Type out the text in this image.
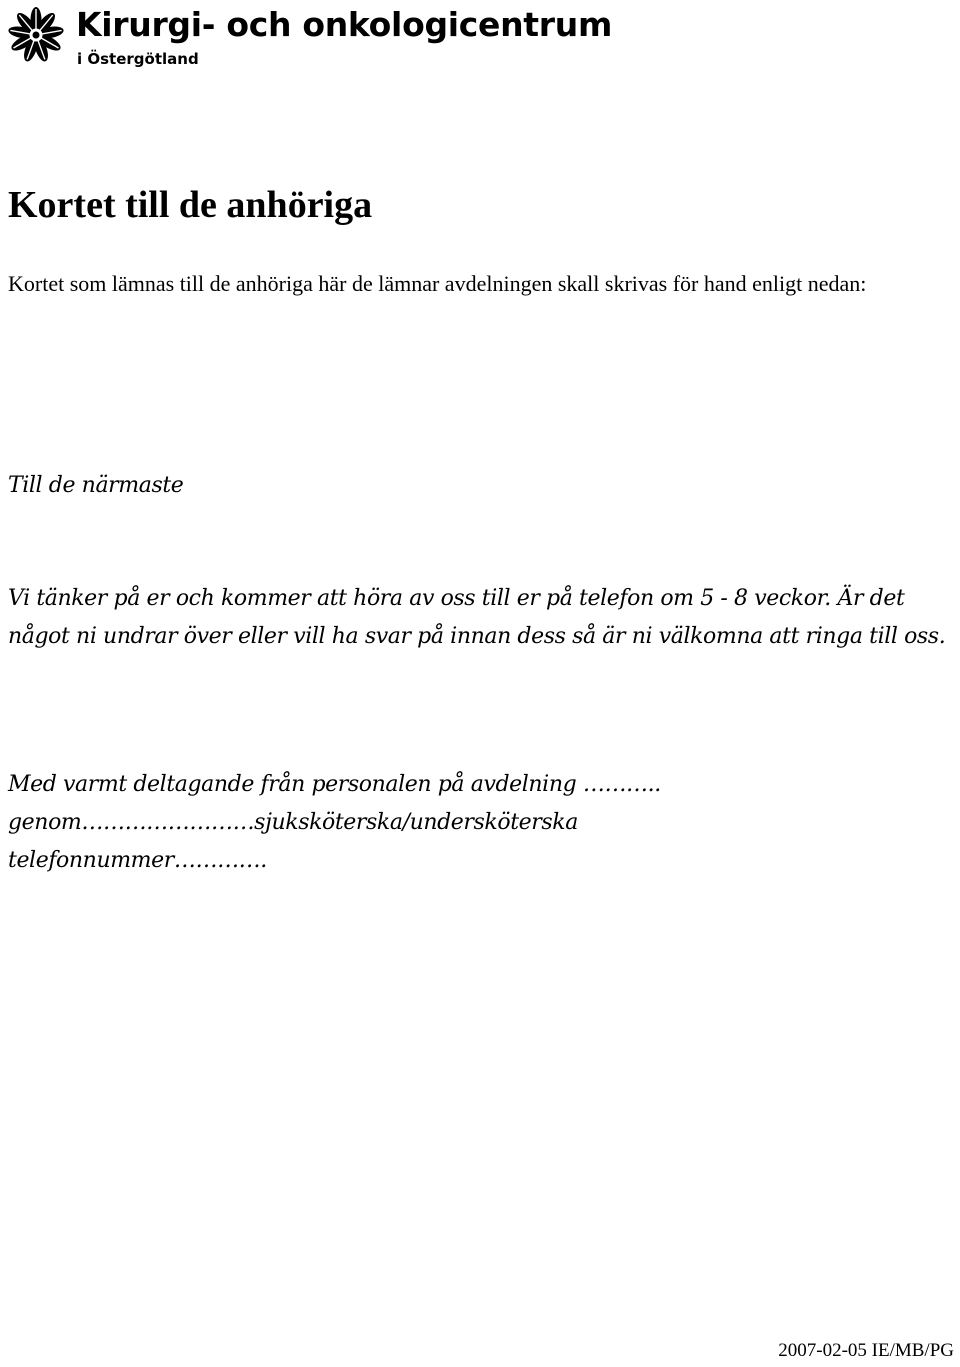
Kirurgi- och onkologicentrum
i Östergötland
Kortet till de anhöriga

Kortet som lämnas till de anhöriga här de lämnar avdelningen skall skrivas för hand enligt nedan:

Till de närmaste

Vi tänker på er och kommer att höra av oss till er på telefon om 5 - 8 veckor. Är det något ni undrar över eller vill ha svar på innan dess så är ni välkomna att ringa till oss.

Med varmt deltagande från personalen på avdelning ………..
genom……………………sjuksköterska/undersköterska
telefonnummer………….

2007-02-05 IE/MB/PG
